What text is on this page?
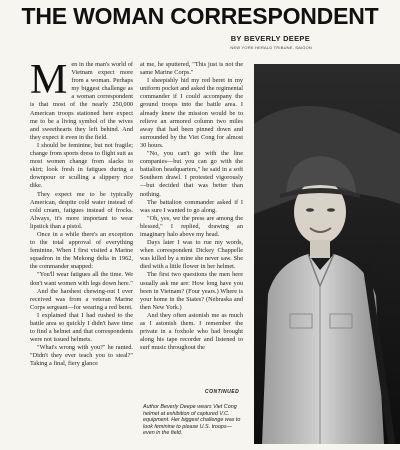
THE WOMAN CORRESPONDENT
BY BEVERLY DEEPE
NEW YORK HERALD TRIBUNE, SAIGON

Men in the man's world of Vietnam expect more from a woman. Perhaps my biggest challenge as a woman correspondent is that most of the nearly 250,000 American troops stationed here expect me to be a living symbol of the wives and sweethearts they left behind. And they expect it even in the field.

I should be feminine, but not fragile; change from sports dress to flight suit as most women change from slacks to skirt; look fresh in fatigues during a downpour or sculling a slippery rice dike.

They expect me to be typically American, despite cold water instead of cold cream, fatigues instead of frocks. Always, it's more important to wear lipstick than a pistol.

Once in a while there's an exception to the total approval of everything feminine. When I first visited a Marine squadron in the Mekong delta in 1962, the commander snapped:

"You'll wear fatigues all the time. We don't want women with legs down here."

And the harshest chewing-out I ever received was from a veteran Marine Corps sergeant—for wearing a red beret.

I explained that I had rushed to the battle area so quickly I didn't have time to find a helmet and that correspondents were not issued helmets.

"What's wrong with you?" he ranted. "Didn't they ever teach you to steal?" Taking a final, fiery glance

at me, he sputtered, "This just is not the same Marine Corps."

I sheepishly hid my red beret in my uniform pocket and asked the regimental commander if I could accompany the ground troops into the battle area. I already knew the mission would be to relieve an armored column two miles away that had been pinned down and surrounded by the Viet Cong for almost 30 hours.

"No, you can't go with the line companies—but you can go with the battalion headquarters," he said in a soft Southern drawl. I protested vigorously—but decided that was better than nothing.

The battalion commander asked if I was sure I wanted to go along.

"Oh, yes, we the press are among the blessed," I replied, drawing an imaginary halo above my head.

Days later I was to rue my words, when correspondent Dickey Chappelle was killed by a mine she never saw. She died with a little flower in her helmet.

The first two questions the men here usually ask me are: How long have you been in Vietnam? (Four years.) Where is your home in the States? (Nebraska and then New York.)

And they often astonish me as much as I astonish them. I remember the private in a foxhole who had brought along his tape recorder and listened to surf music throughout the

CONTINUED
Author Beverly Deepe wears Viet Cong helmet at exhibition of captured V.C. equipment. Her biggest challenge was to look feminine to please U.S. troops—even in the field.
